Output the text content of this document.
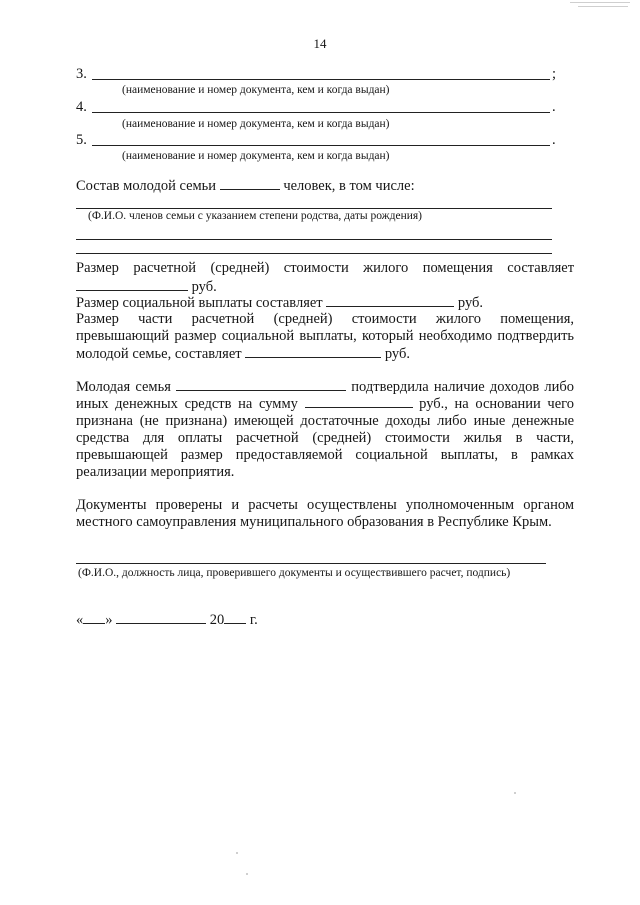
14
3.	;
(наименование и номер документа, кем и когда выдан)
4.	.
(наименование и номер документа, кем и когда выдан)
5.	.
(наименование и номер документа, кем и когда выдан)
Состав молодой семьи	человек, в том числе:
(Ф.И.О. членов семьи с указанием степени родства, даты рождения)
Размер расчетной (средней) стоимости жилого помещения составляет
руб.
Размер социальной выплаты составляет	руб.
Размер части расчетной (средней) стоимости жилого помещения,
превышающий размер социальной выплаты, который необходимо подтвердить
молодой семье, составляет	руб.
Молодая семья	подтвердила наличие доходов либо
иных денежных средств на сумму	руб., на основании чего
признана (не признана) имеющей достаточные доходы либо иные денежные
средства для оплаты расчетной (средней) стоимости жилья в части,
превышающей размер предоставляемой социальной выплаты, в рамках
реализации мероприятия.
Документы проверены и расчеты осуществлены уполномоченным органом
местного самоуправления муниципального образования в Республике Крым.
(Ф.И.О., должность лица, проверившего документы и осуществившего расчет, подпись)
« »	20 г.
